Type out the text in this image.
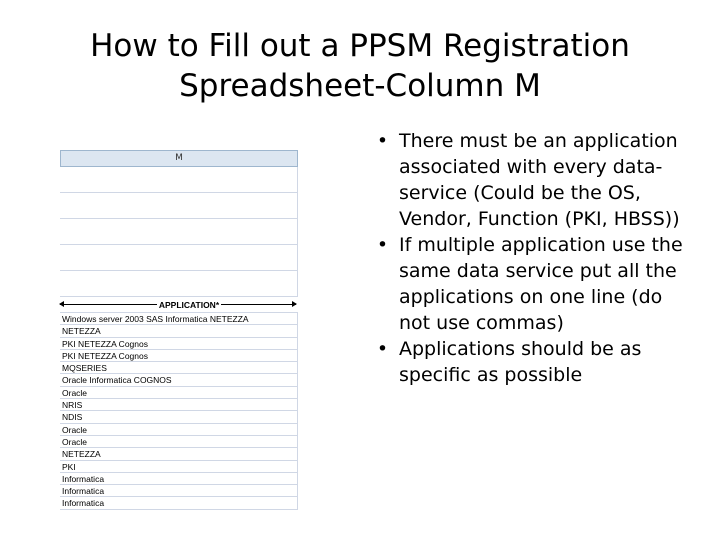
How to Fill out a PPSM Registration
Spreadsheet-Column M
M
APPLICATION*
Windows server 2003 SAS Informatica NETEZZA
NETEZZA
PKI NETEZZA Cognos
PKI NETEZZA Cognos
MQSERIES
Oracle Informatica COGNOS
Oracle
NRIS
NDIS
Oracle
Oracle
NETEZZA
PKI
Informatica
Informatica
Informatica
• There must be an application associated with every data-service (Could be the OS, Vendor, Function (PKI, HBSS))
• If multiple application use the same data service put all the applications on one line (do not use commas)
• Applications should be as specific as possible
